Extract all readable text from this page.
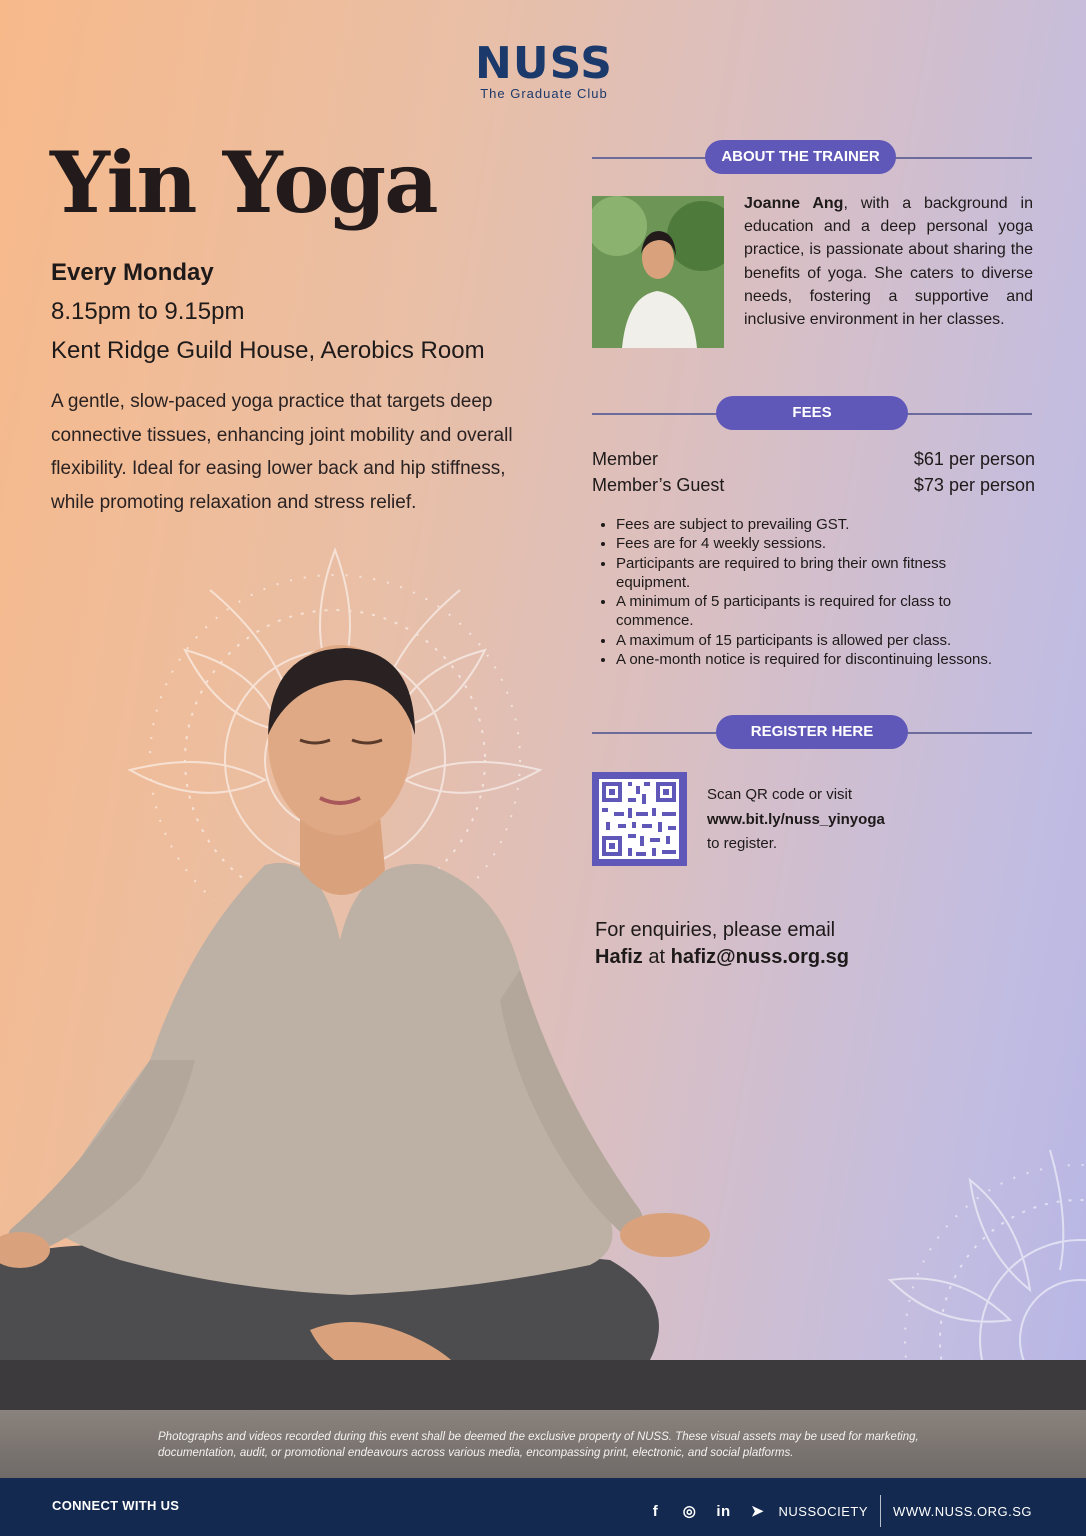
NUSS
The Graduate Club
Yin Yoga
Every Monday
8.15pm to 9.15pm
Kent Ridge Guild House, Aerobics Room
A gentle, slow-paced yoga practice that targets deep connective tissues, enhancing joint mobility and overall flexibility. Ideal for easing lower back and hip stiffness, while promoting relaxation and stress relief.
ABOUT THE TRAINER
Joanne Ang, with a background in education and a deep personal yoga practice, is passionate about sharing the benefits of yoga. She caters to diverse needs, fostering a supportive and inclusive environment in her classes.
FEES
Member	$61 per person
Member’s Guest	$73 per person
• Fees are subject to prevailing GST.
• Fees are for 4 weekly sessions.
• Participants are required to bring their own fitness equipment.
• A minimum of 5 participants is required for class to commence.
• A maximum of 15 participants is allowed per class.
• A one-month notice is required for discontinuing lessons.
REGISTER HERE
Scan QR code or visit
www.bit.ly/nuss_yinyoga
to register.
For enquiries, please email
Hafiz at hafiz@nuss.org.sg
Photographs and videos recorded during this event shall be deemed the exclusive property of NUSS. These visual assets may be used for marketing, documentation, audit, or promotional endeavours across various media, encompassing print, electronic, and social platforms.
CONNECT WITH US	f	◎	in	➤	NUSSOCIETY WWW.NUSS.ORG.SG
